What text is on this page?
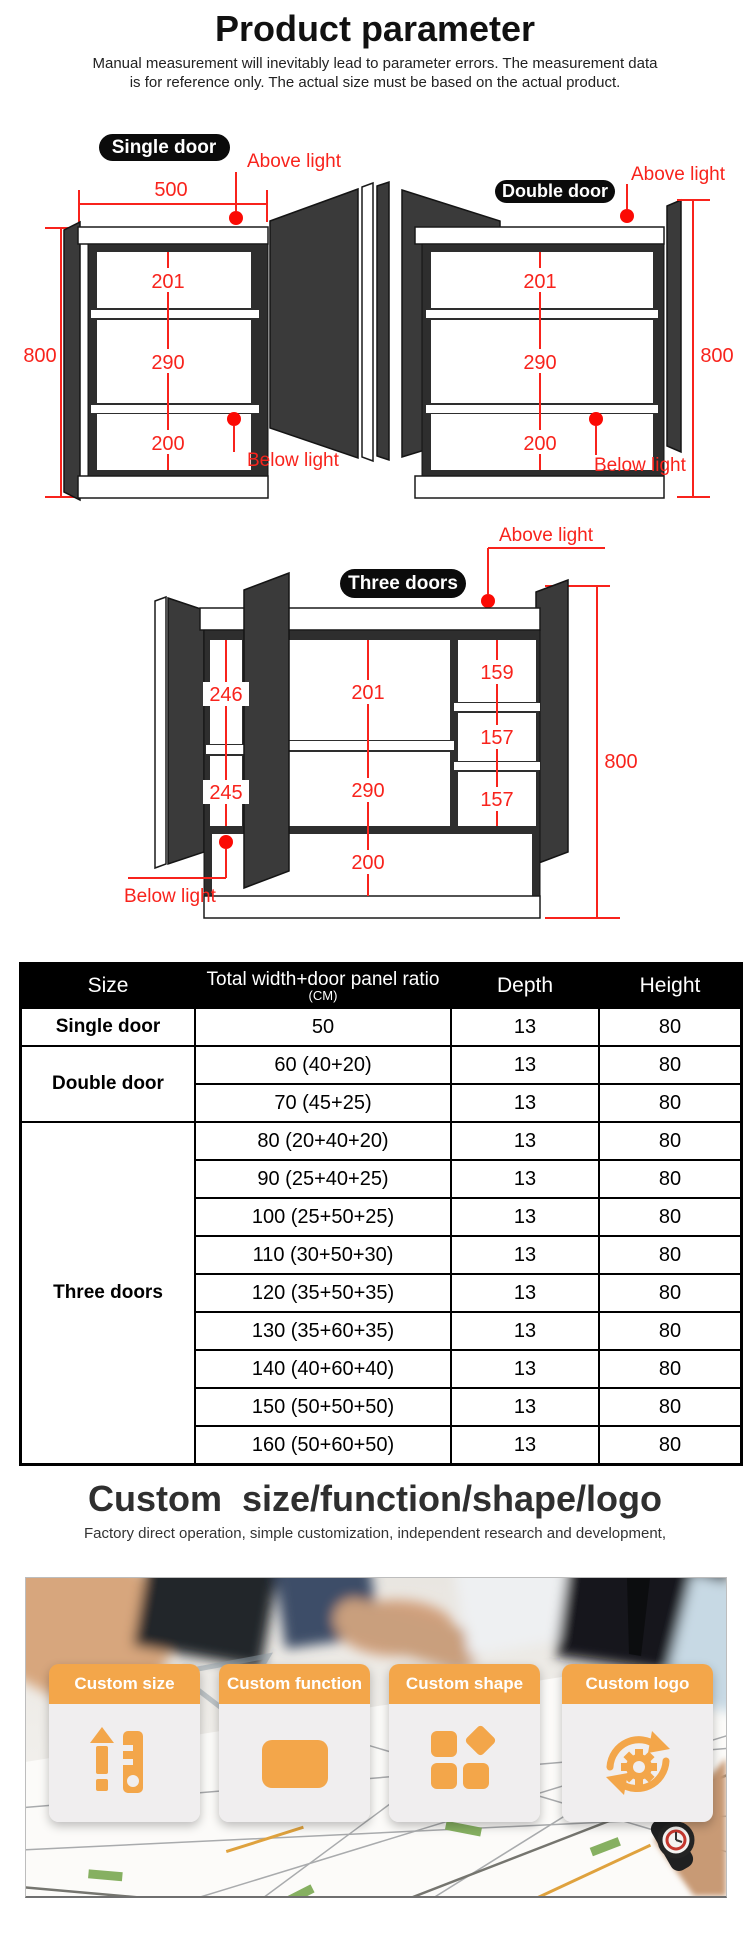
Product parameter
Manual measurement will inevitably lead to parameter errors. The measurement data
is for reference only. The actual size must be based on the actual product.
500
800
Above light
201
290
200
Below light
Single door
201
290
200
Above light
800
Below light
Double door
Above light
800
246
245
201
290
200
159
157
157
Below light
Three doors
Size	Total width+door panel ratio
(CM)	Depth	Height
Single door	50	13	80
Double door	60 (40+20)	13	80
	70 (45+25)	13	80
Three doors	80 (20+40+20)	13	80
	90 (25+40+25)	13	80
	100 (25+50+25)	13	80
	110 (30+50+30)	13	80
	120 (35+50+35)	13	80
	130 (35+60+35)	13	80
	140 (40+60+40)	13	80
	150 (50+50+50)	13	80
	160 (50+60+50)	13	80
Custom  size/function/shape/logo
Factory direct operation, simple customization, independent research and development,
Custom size	Custom function	Custom shape	Custom logo
